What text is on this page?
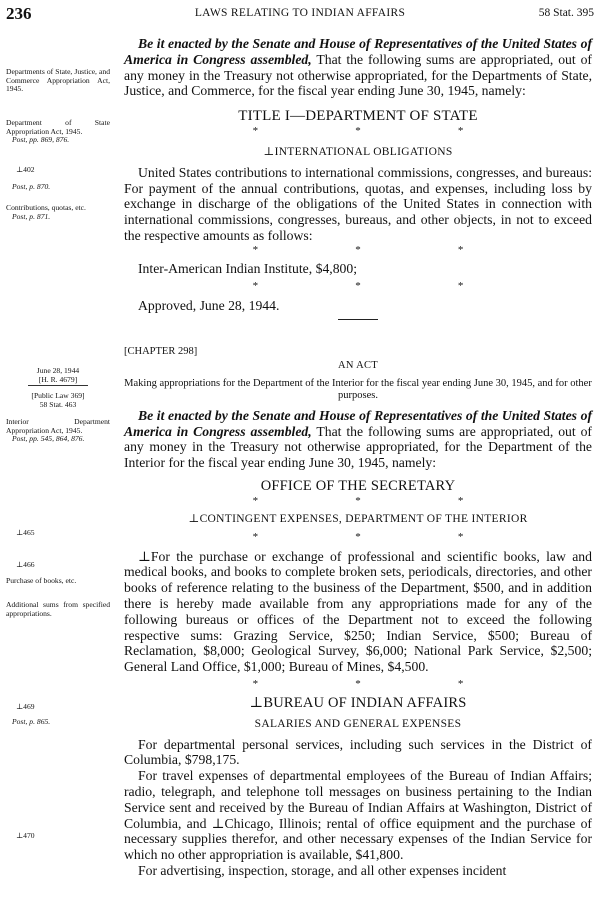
236	LAWS RELATING TO INDIAN AFFAIRS	58 Stat. 395
Departments of State, Justice, and Commerce Appropriation Act, 1945.
Department of State Appropriation Act, 1945.
Post, pp. 869, 876.
⊥402
Post, p. 870.
Contributions, quotas, etc.
Post, p. 871.
June 28, 1944
[H. R. 4679]
[Public Law 369]
58 Stat. 463
Interior Department Appropriation Act, 1945.
Post, pp. 545, 864, 876.
⊥465
⊥466
Purchase of books, etc.
Additional sums from specified appropriations.
⊥469
Post, p. 865.
⊥470

Be it enacted by the Senate and House of Representatives of the United States of America in Congress assembled, That the following sums are appropriated, out of any money in the Treasury not otherwise appropriated, for the Departments of State, Justice, and Commerce, for the fiscal year ending June 30, 1945, namely:

TITLE I—DEPARTMENT OF STATE
*	*	*
⊥INTERNATIONAL OBLIGATIONS

United States contributions to international commissions, congresses, and bureaus: For payment of the annual contributions, quotas, and expenses, including loss by exchange in discharge of the obligations of the United States in connection with international commissions, congresses, bureaus, and other objects, in not to exceed the respective amounts as follows:

*	*	*
Inter-American Indian Institute, $4,800;
*	*	*
Approved, June 28, 1944.
[CHAPTER 298]
AN ACT
Making appropriations for the Department of the Interior for the fiscal year ending June 30, 1945, and for other purposes.

Be it enacted by the Senate and House of Representatives of the United States of America in Congress assembled, That the following sums are appropriated, out of any money in the Treasury not otherwise appropriated, for the Department of the Interior for the fiscal year ending June 30, 1945, namely:

OFFICE OF THE SECRETARY
*	*	*
⊥CONTINGENT EXPENSES, DEPARTMENT OF THE INTERIOR
*	*	*

⊥For the purchase or exchange of professional and scientific books, law and medical books, and books to complete broken sets, periodicals, directories, and other books of reference relating to the business of the Department, $500, and in addition there is hereby made available from any appropriations made for any of the following bureaus or offices of the Department not to exceed the following respective sums: Grazing Service, $250; Indian Service, $500; Bureau of Reclamation, $8,000; Geological Survey, $6,000; National Park Service, $2,500; General Land Office, $1,000; Bureau of Mines, $4,500.

*	*	*
⊥BUREAU OF INDIAN AFFAIRS
SALARIES AND GENERAL EXPENSES

For departmental personal services, including such services in the District of Columbia, $798,175.

For travel expenses of departmental employees of the Bureau of Indian Affairs; radio, telegraph, and telephone toll messages on business pertaining to the Indian Service sent and received by the Bureau of Indian Affairs at Washington, District of Columbia, and ⊥Chicago, Illinois; rental of office equipment and the purchase of necessary supplies therefor, and other necessary expenses of the Indian Service for which no other appropriation is available, $41,800.

For advertising, inspection, storage, and all other expenses incident
